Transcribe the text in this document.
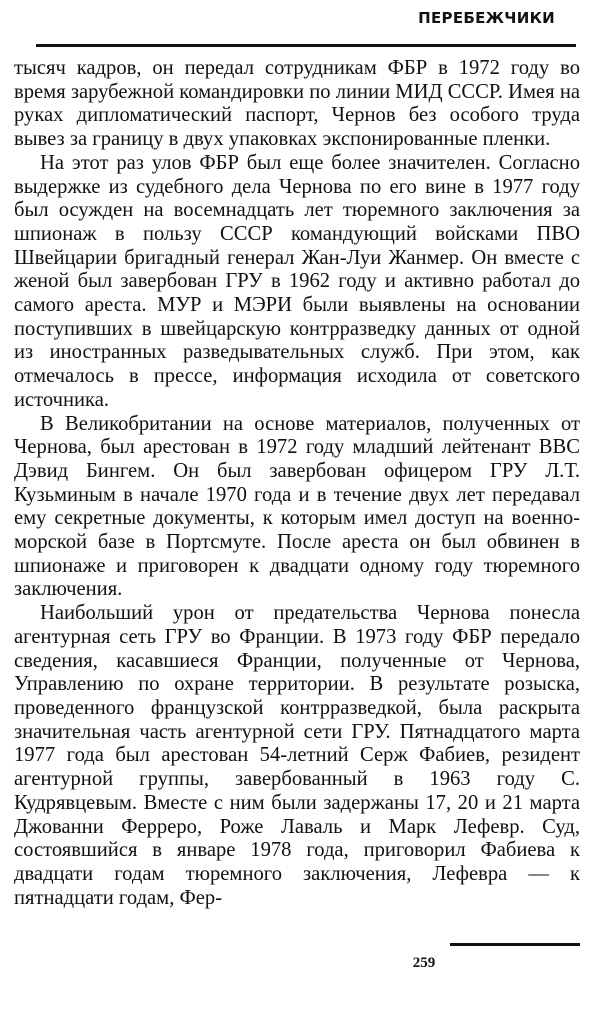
ПЕРЕБЕЖЧИКИ

тысяч кадров, он передал сотрудникам ФБР в 1972 году во время зарубежной командировки по линии МИД СССР. Имея на руках дипломатический паспорт, Чернов без особого труда вывез за границу в двух упаковках экспонированные пленки.

На этот раз улов ФБР был еще более значителен. Согласно выдержке из судебного дела Чернова по его вине в 1977 году был осужден на восемнадцать лет тюремного заключения за шпионаж в пользу СССР командующий войсками ПВО Швейцарии бригадный генерал Жан-Луи Жанмер. Он вместе с женой был завербован ГРУ в 1962 году и активно работал до самого ареста. МУР и МЭРИ были выявлены на основании поступивших в швейцарскую контрразведку данных от одной из иностранных разведывательных служб. При этом, как отмечалось в прессе, информация исходила от советского источника.

В Великобритании на основе материалов, полученных от Чернова, был арестован в 1972 году младший лейтенант ВВС Дэвид Бингем. Он был завербован офицером ГРУ Л.Т. Кузьминым в начале 1970 года и в течение двух лет передавал ему секретные документы, к которым имел доступ на военно-морской базе в Портсмуте. После ареста он был обвинен в шпионаже и приговорен к двадцати одному году тюремного заключения.

Наибольший урон от предательства Чернова понесла агентурная сеть ГРУ во Франции. В 1973 году ФБР передало сведения, касавшиеся Франции, полученные от Чернова, Управлению по охране территории. В результате розыска, проведенного французской контрразведкой, была раскрыта значительная часть агентурной сети ГРУ. Пятнадцатого марта 1977 года был арестован 54-летний Серж Фабиев, резидент агентурной группы, завербованный в 1963 году С. Кудрявцевым. Вместе с ним были задержаны 17, 20 и 21 марта Джованни Ферреро, Роже Лаваль и Марк Лефевр. Суд, состоявшийся в январе 1978 года, приговорил Фабиева к двадцати годам тюремного заключения, Лефевра — к пятнадцати годам, Фер-

259
